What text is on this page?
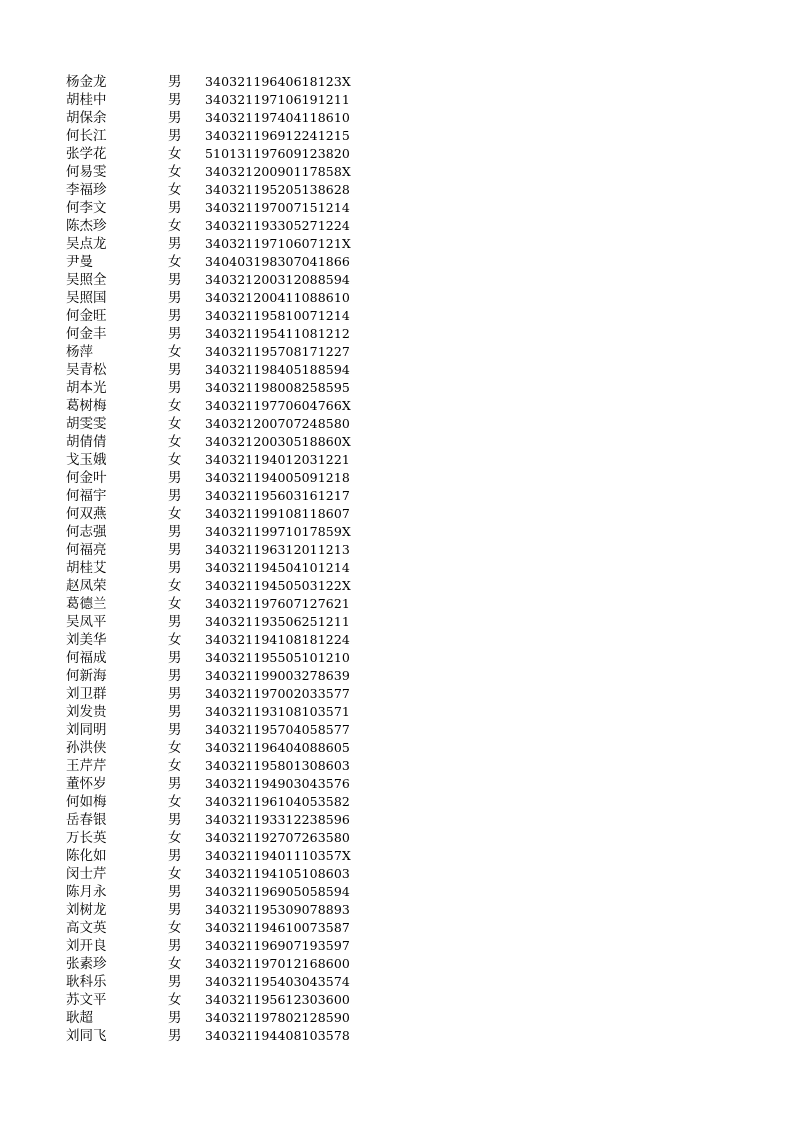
杨金龙	男 34032119640618123X
胡桂中	男 340321197106191211
胡保余	男 340321197404118610
何长江	男 340321196912241215
张学花	女 510131197609123820
何易雯	女 34032120090117858X
李福珍	女 340321195205138628
何李文	男 340321197007151214
陈杰珍	女 340321193305271224
吴点龙	男 34032119710607121X
尹曼	女 340403198307041866
吴照全	男 340321200312088594
吴照国	男 340321200411088610
何金旺	男 340321195810071214
何金丰	男 340321195411081212
杨萍	女 340321195708171227
吴青松	男 340321198405188594
胡本光	男 340321198008258595
葛树梅	女 34032119770604766X
胡雯雯	女 340321200707248580
胡倩倩	女 34032120030518860X
戈玉娥	女 340321194012031221
何金叶	男 340321194005091218
何福宇	男 340321195603161217
何双燕	女 340321199108118607
何志强	男 34032119971017859X
何福亮	男 340321196312011213
胡桂艾	男 340321194504101214
赵凤荣	女 34032119450503122X
葛德兰	女 340321197607127621
吴凤平	男 340321193506251211
刘美华	女 340321194108181224
何福成	男 340321195505101210
何新海	男 340321199003278639
刘卫群	男 340321197002033577
刘发贵	男 340321193108103571
刘同明	男 340321195704058577
孙洪侠	女 340321196404088605
王芹芹	女 340321195801308603
董怀岁	男 340321194903043576
何如梅	女 340321196104053582
岳春银	男 340321193312238596
万长英	女 340321192707263580
陈化如	男 34032119401110357X
闵士芹	女 340321194105108603
陈月永	男 340321196905058594
刘树龙	男 340321195309078893
高文英	女 340321194610073587
刘开良	男 340321196907193597
张素珍	女 340321197012168600
耿科乐	男 340321195403043574
苏文平	女 340321195612303600
耿超	男 340321197802128590
刘同飞	男 340321194408103578
